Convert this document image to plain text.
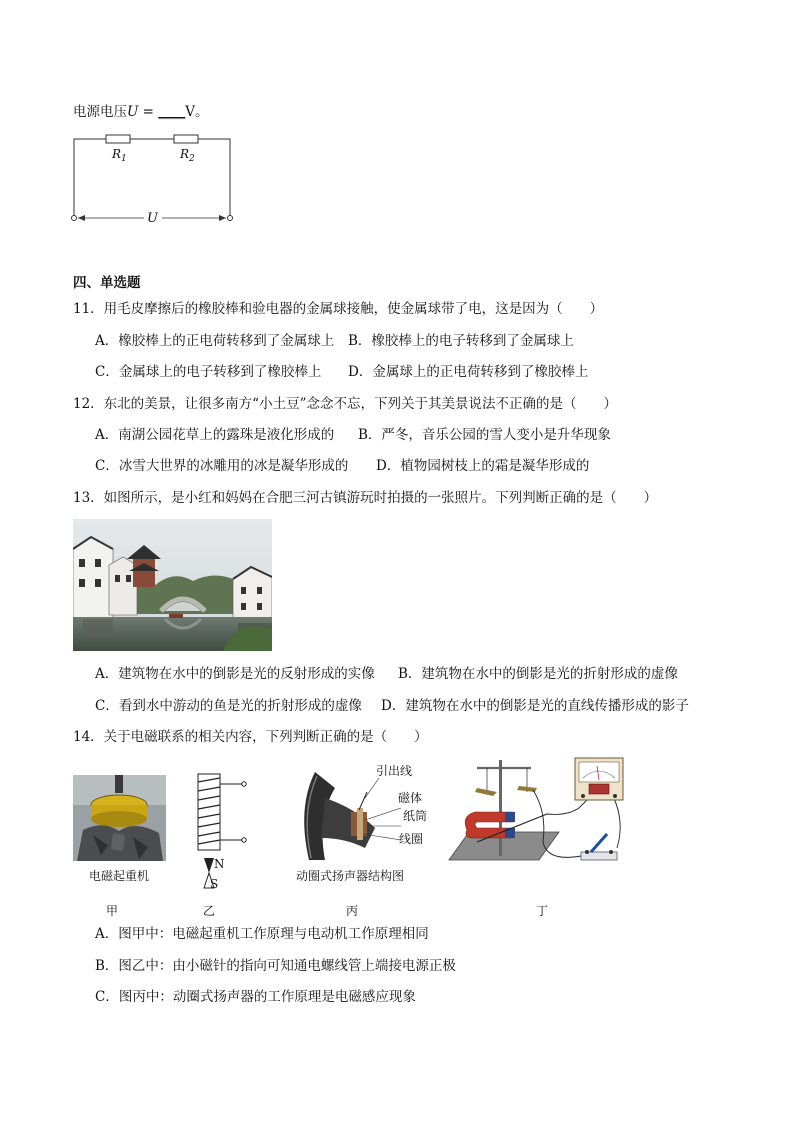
电源电压U = ____V。
$R_1$	$R_2$
U
四、单选题
11．用毛皮摩擦后的橡胶棒和验电器的金属球接触，使金属球带了电，这是因为（　　）
A．橡胶棒上的正电荷转移到了金属球上 B．橡胶棒上的电子转移到了金属球上
C．金属球上的电子转移到了橡胶棒上 D．金属球上的正电荷转移到了橡胶棒上
12．东北的美景，让很多南方“小土豆”念念不忘，下列关于其美景说法不正确的是（　　）
A．南湖公园花草上的露珠是液化形成的 B．严冬，音乐公园的雪人变小是升华现象
C．冰雪大世界的冰雕用的冰是凝华形成的 D．植物园树枝上的霜是凝华形成的
13．如图所示，是小红和妈妈在合肥三河古镇游玩时拍摄的一张照片。下列判断正确的是（　　）
A．建筑物在水中的倒影是光的反射形成的实像 B．建筑物在水中的倒影是光的折射形成的虚像
C．看到水中游动的鱼是光的折射形成的虚像 D．建筑物在水中的倒影是光的直线传播形成的影子
14．关于电磁联系的相关内容，下列判断正确的是（　　）
电磁起重机
甲
N
S
乙
引出线
磁体
纸筒
线圈
动圈式扬声器结构图
丙	丁
A．图甲中：电磁起重机工作原理与电动机工作原理相同
B．图乙中：由小磁针的指向可知通电螺线管上端接电源正极
C．图丙中：动圈式扬声器的工作原理是电磁感应现象
